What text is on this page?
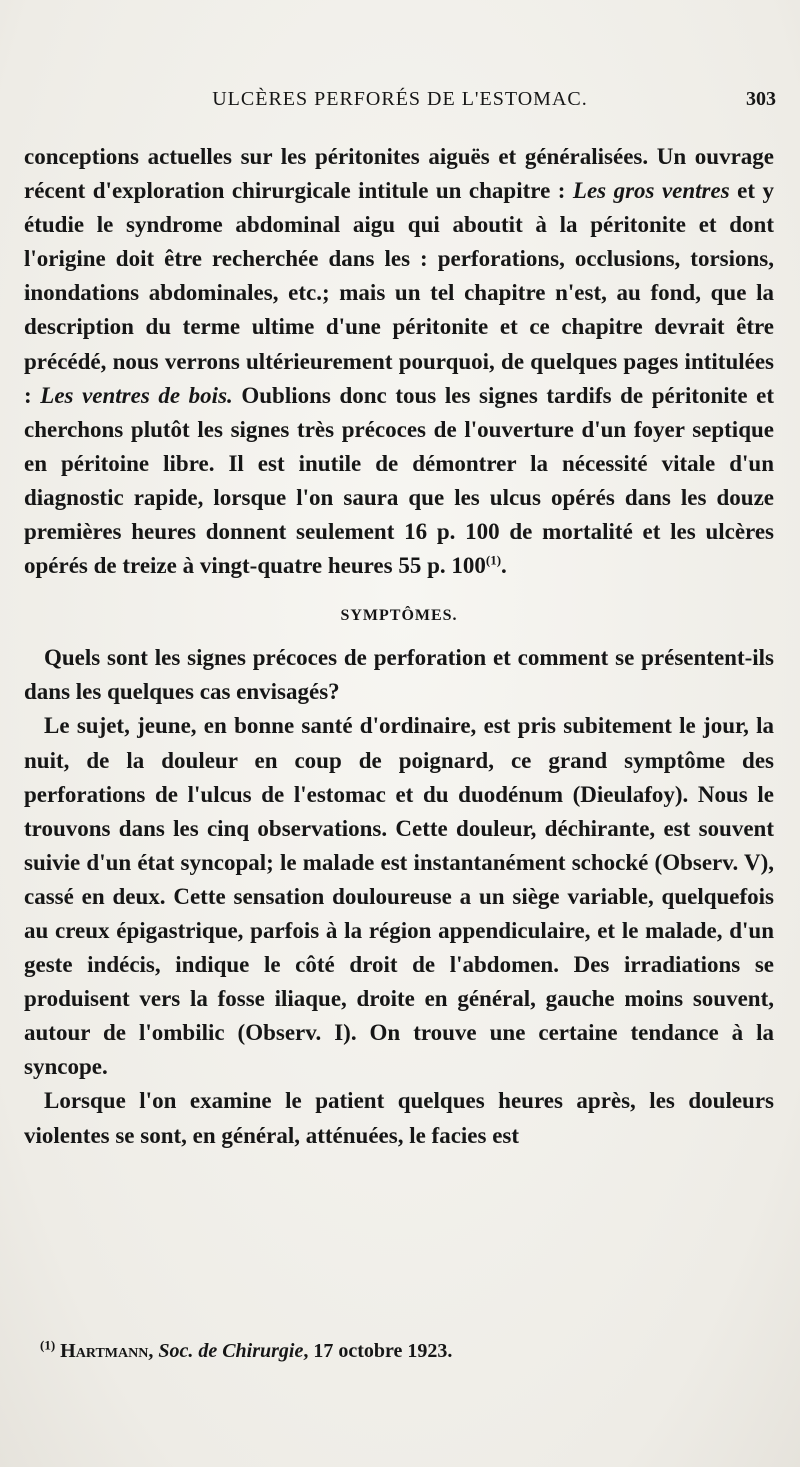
ULCÈRES PERFORÉS DE L'ESTOMAC.	303

conceptions actuelles sur les péritonites aiguës et généralisées. Un ouvrage récent d'exploration chirurgicale intitule un chapitre : Les gros ventres et y étudie le syndrome abdominal aigu qui aboutit à la péritonite et dont l'origine doit être recherchée dans les : perforations, occlusions, torsions, inondations abdominales, etc.; mais un tel chapitre n'est, au fond, que la description du terme ultime d'une péritonite et ce chapitre devrait être précédé, nous verrons ultérieurement pourquoi, de quelques pages intitulées : Les ventres de bois. Oublions donc tous les signes tardifs de péritonite et cherchons plutôt les signes très précoces de l'ouverture d'un foyer septique en péritoine libre. Il est inutile de démontrer la nécessité vitale d'un diagnostic rapide, lorsque l'on saura que les ulcus opérés dans les douze premières heures donnent seulement 16 p. 100 de mortalité et les ulcères opérés de treize à vingt-quatre heures 55 p. 100$^{(1)}$.

SYMPTÔMES.

Quels sont les signes précoces de perforation et comment se présentent-ils dans les quelques cas envisagés?

Le sujet, jeune, en bonne santé d'ordinaire, est pris subitement le jour, la nuit, de la douleur en coup de poignard, ce grand symptôme des perforations de l'ulcus de l'estomac et du duodénum (Dieulafoy). Nous le trouvons dans les cinq observations. Cette douleur, déchirante, est souvent suivie d'un état syncopal; le malade est instantanément schocké (Observ. V), cassé en deux. Cette sensation douloureuse a un siège variable, quelquefois au creux épigastrique, parfois à la région appendiculaire, et le malade, d'un geste indécis, indique le côté droit de l'abdomen. Des irradiations se produisent vers la fosse iliaque, droite en général, gauche moins souvent, autour de l'ombilic (Observ. I). On trouve une certaine tendance à la syncope.

Lorsque l'on examine le patient quelques heures après, les douleurs violentes se sont, en général, atténuées, le facies est

$^{(1)}$ Hartmann, Soc. de Chirurgie, 17 octobre 1923.
